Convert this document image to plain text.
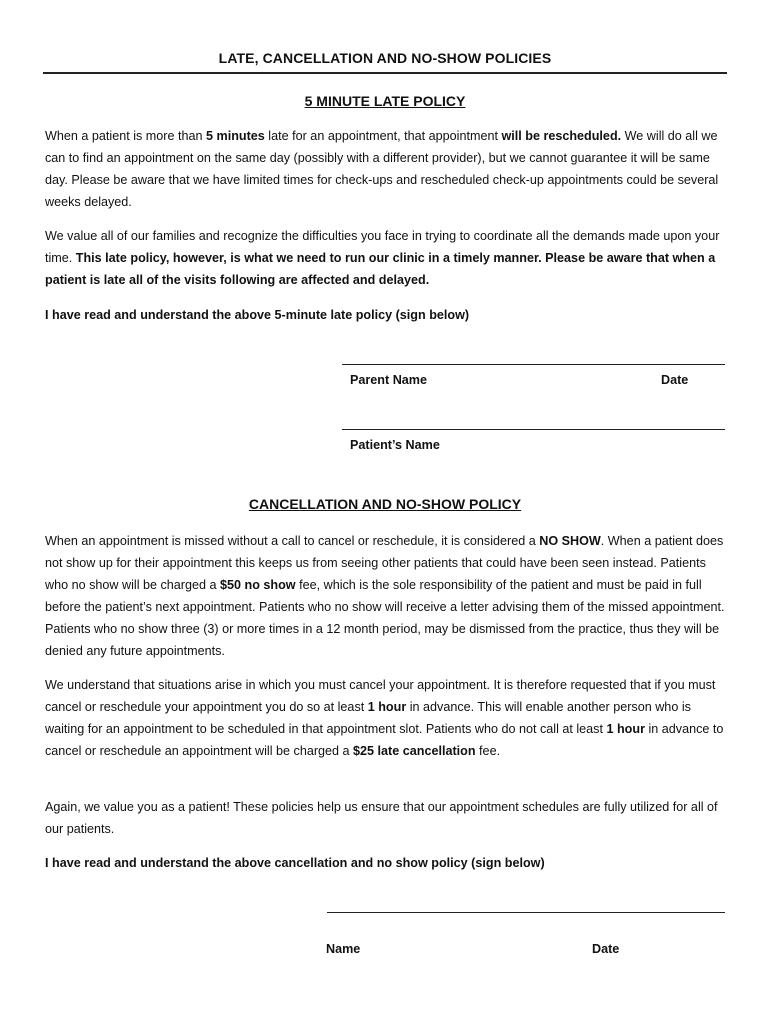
LATE, CANCELLATION AND NO-SHOW POLICIES
5 MINUTE LATE POLICY

When a patient is more than 5 minutes late for an appointment, that appointment will be rescheduled. We will do all we can to find an appointment on the same day (possibly with a different provider), but we cannot guarantee it will be same day. Please be aware that we have limited times for check-ups and rescheduled check-up appointments could be several weeks delayed.

We value all of our families and recognize the difficulties you face in trying to coordinate all the demands made upon your time. This late policy, however, is what we need to run our clinic in a timely manner. Please be aware that when a patient is late all of the visits following are affected and delayed.

I have read and understand the above 5-minute late policy (sign below)

Parent Name	Date
Patient’s Name
CANCELLATION AND NO-SHOW POLICY

When an appointment is missed without a call to cancel or reschedule, it is considered a NO SHOW. When a patient does not show up for their appointment this keeps us from seeing other patients that could have been seen instead. Patients who no show will be charged a $50 no show fee, which is the sole responsibility of the patient and must be paid in full before the patient’s next appointment. Patients who no show will receive a letter advising them of the missed appointment. Patients who no show three (3) or more times in a 12 month period, may be dismissed from the practice, thus they will be denied any future appointments.

We understand that situations arise in which you must cancel your appointment. It is therefore requested that if you must cancel or reschedule your appointment you do so at least 1 hour in advance. This will enable another person who is waiting for an appointment to be scheduled in that appointment slot. Patients who do not call at least 1 hour in advance to cancel or reschedule an appointment will be charged a $25 late cancellation fee.

Again, we value you as a patient! These policies help us ensure that our appointment schedules are fully utilized for all of our patients.

I have read and understand the above cancellation and no show policy (sign below)

Name	Date
